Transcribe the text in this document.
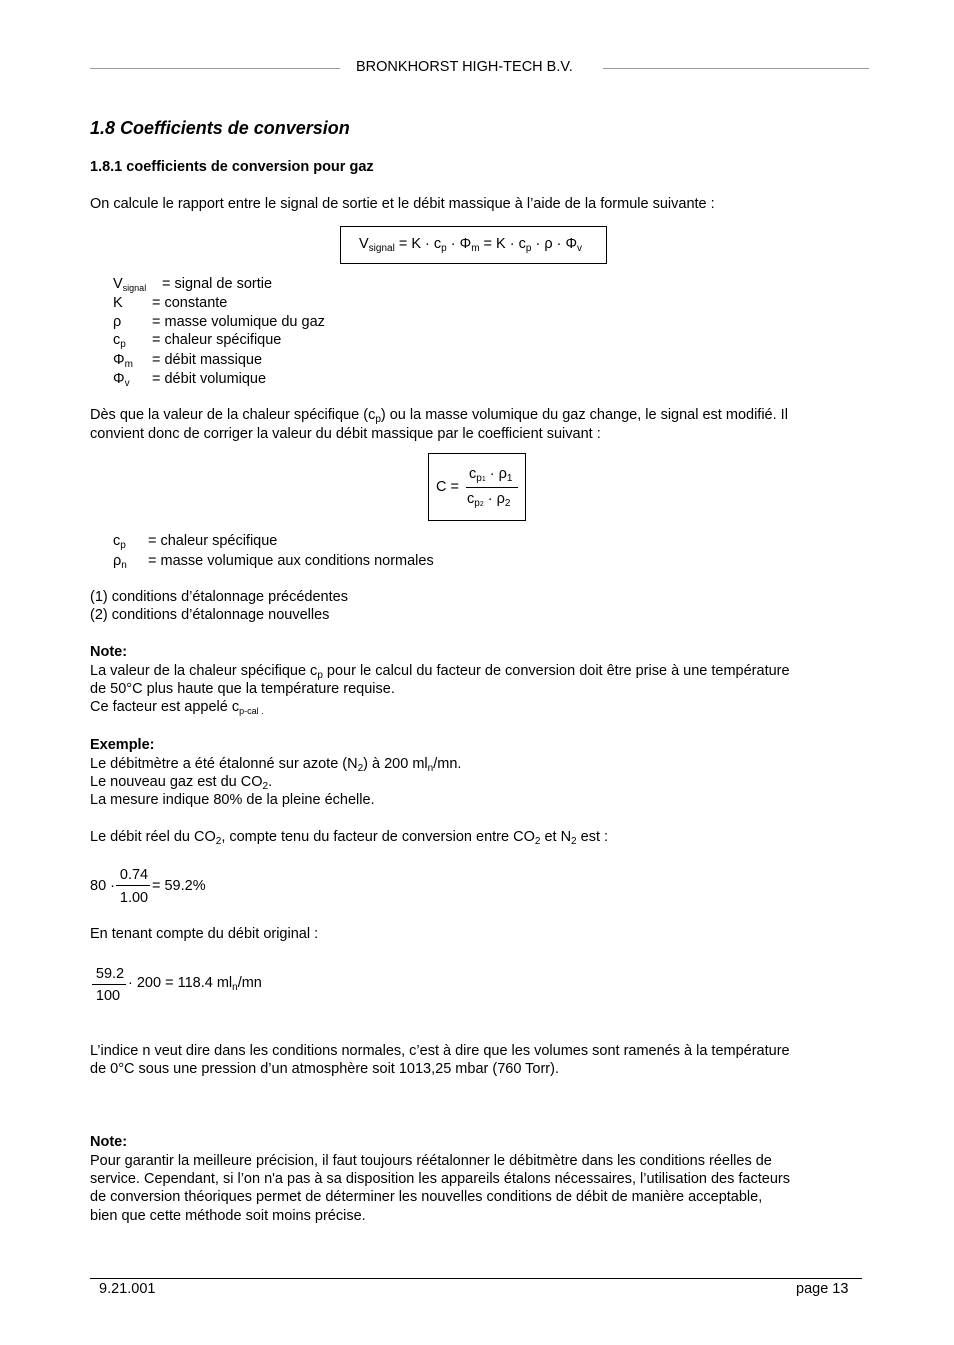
BRONKHORST HIGH-TECH B.V.
1.8 Coefficients de conversion
1.8.1 coefficients de conversion pour gaz
On calcule le rapport entre le signal de sortie et le débit massique à l’aide de la formule suivante :
$V_{signal} = K \cdot c_p \cdot \Phi_m = K \cdot c_p \cdot \rho \cdot \Phi_v$
$V_{signal}$ = signal de sortie
K = constante
ρ = masse volumique du gaz
$c_p$ = chaleur spécifique
$\Phi_m$ = débit massique
$\Phi_v$ = débit volumique
Dès que la valeur de la chaleur spécifique $(c_p)$ ou la masse volumique du gaz change, le signal est modifié. Il
convient donc de corriger la valeur du débit massique par le coefficient suivant :
C =
$c_{p1} \cdot \rho_1$
$c_{p2} \cdot \rho_2$
$c_p$ = chaleur spécifique
$\rho_n$ = masse volumique aux conditions normales
(1) conditions d’étalonnage précédentes
(2) conditions d’étalonnage nouvelles
Note:
La valeur de la chaleur spécifique $c_p$ pour le calcul du facteur de conversion doit être prise à une température
de 50°C plus haute que la température requise.
Ce facteur est appelé $c_{p-cal .}$
Exemple:
Le débitmètre a été étalonné sur azote $(N_2)$ à 200 $ml_n/mn$.
Le nouveau gaz est du $CO_2$.
La mesure indique 80% de la pleine échelle.
Le débit réel du $CO_2$, compte tenu du facteur de conversion entre $CO_2$ et $N_2$ est :
80 ·
0.74
1.00
= 59.2%
En tenant compte du débit original :
59.2
100
· 200 = 118.4 $ml_n/mn$
L’indice n veut dire dans les conditions normales, c’est à dire que les volumes sont ramenés à la température
de 0°C sous une pression d’un atmosphère soit 1013,25 mbar (760 Torr).
Note:
Pour garantir la meilleure précision, il faut toujours réétalonner le débitmètre dans les conditions réelles de
service. Cependant, si l’on n'a pas à sa disposition les appareils étalons nécessaires, l’utilisation des facteurs
de conversion théoriques permet de déterminer les nouvelles conditions de débit de manière acceptable,
bien que cette méthode soit moins précise.
9.21.001	page 13
